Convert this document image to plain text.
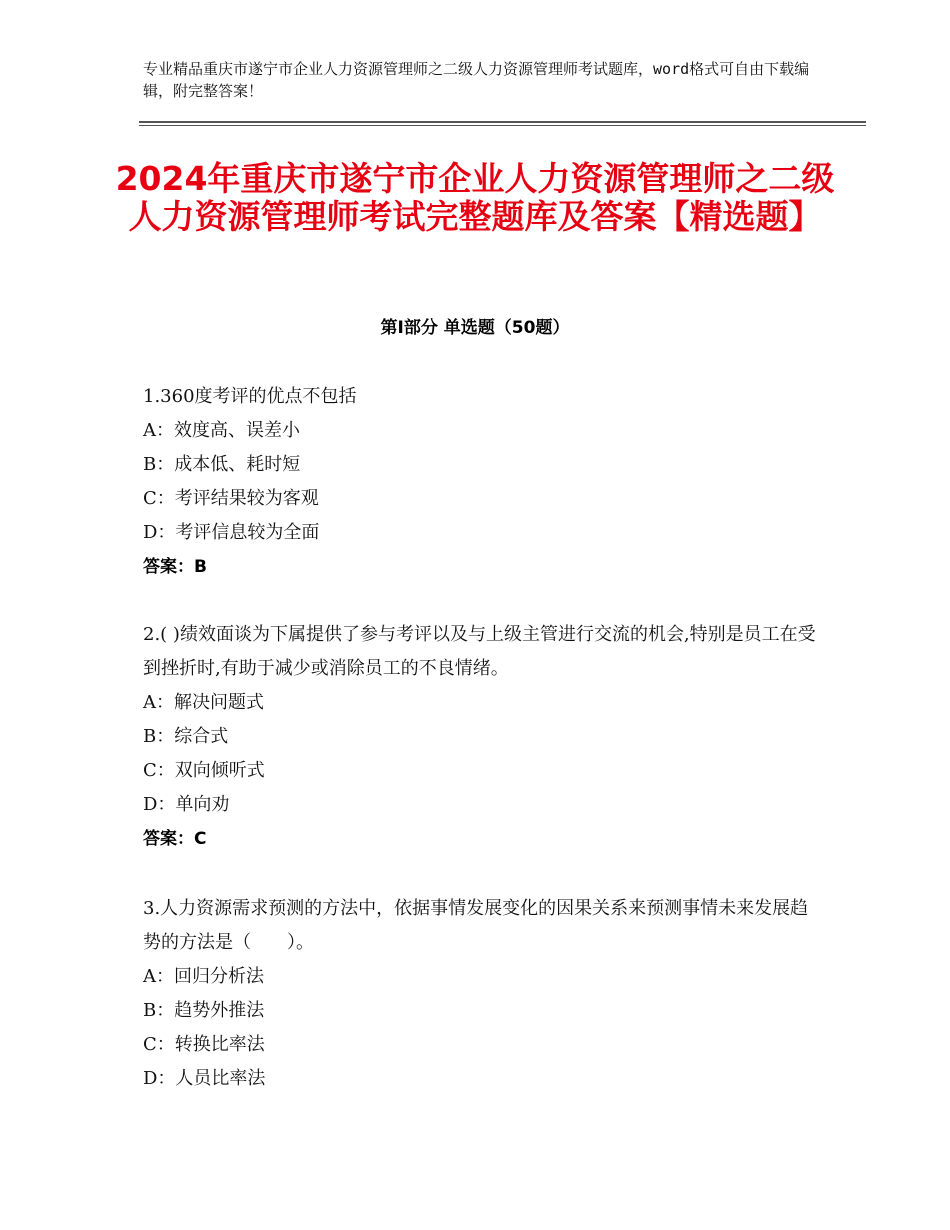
专业精品重庆市遂宁市企业人力资源管理师之二级人力资源管理师考试题库，word格式可自由下载编辑，附完整答案！
2024年重庆市遂宁市企业人力资源管理师之二级人力资源管理师考试完整题库及答案【精选题】
第Ⅰ部分 单选题（50题）
1.360度考评的优点不包括
A：效度高、误差小
B：成本低、耗时短
C：考评结果较为客观
D：考评信息较为全面
答案：B
2.( )绩效面谈为下属提供了参与考评以及与上级主管进行交流的机会,特别是员工在受到挫折时,有助于减少或消除员工的不良情绪。
A：解决问题式
B：综合式
C：双向倾听式
D：单向劝
答案：C
3.人力资源需求预测的方法中，依据事情发展变化的因果关系来预测事情未来发展趋势的方法是（　　）。
A：回归分析法
B：趋势外推法
C：转换比率法
D：人员比率法
